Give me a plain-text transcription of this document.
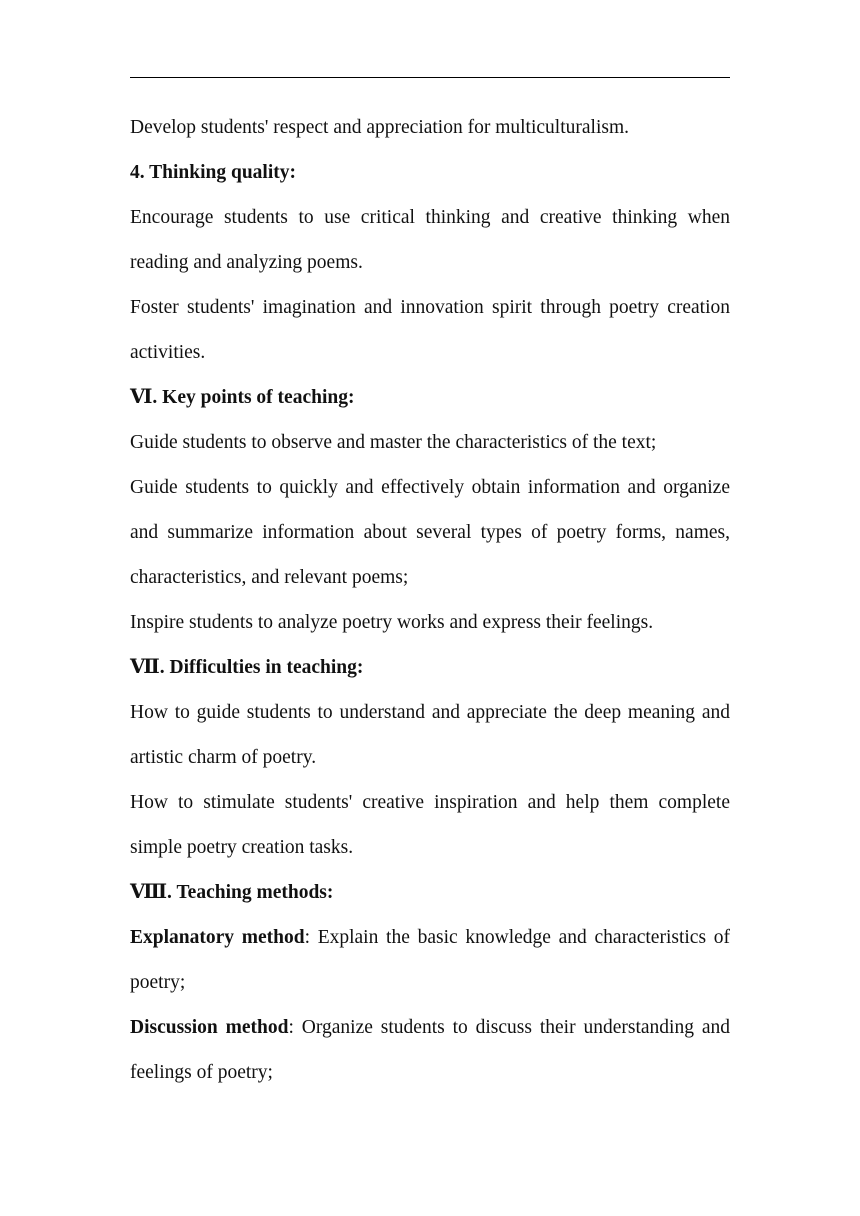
Develop students' respect and appreciation for multiculturalism.

4. Thinking quality:

Encourage students to use critical thinking and creative thinking when reading and analyzing poems.

Foster students' imagination and innovation spirit through poetry creation activities.

Ⅵ. Key points of teaching:

Guide students to observe and master the characteristics of the text;

Guide students to quickly and effectively obtain information and organize and summarize information about several types of poetry forms, names, characteristics, and relevant poems;

Inspire students to analyze poetry works and express their feelings.

Ⅶ. Difficulties in teaching:

How to guide students to understand and appreciate the deep meaning and artistic charm of poetry.

How to stimulate students' creative inspiration and help them complete simple poetry creation tasks.

Ⅷ. Teaching methods:

Explanatory method: Explain the basic knowledge and characteristics of poetry;

Discussion method: Organize students to discuss their understanding and feelings of poetry;
